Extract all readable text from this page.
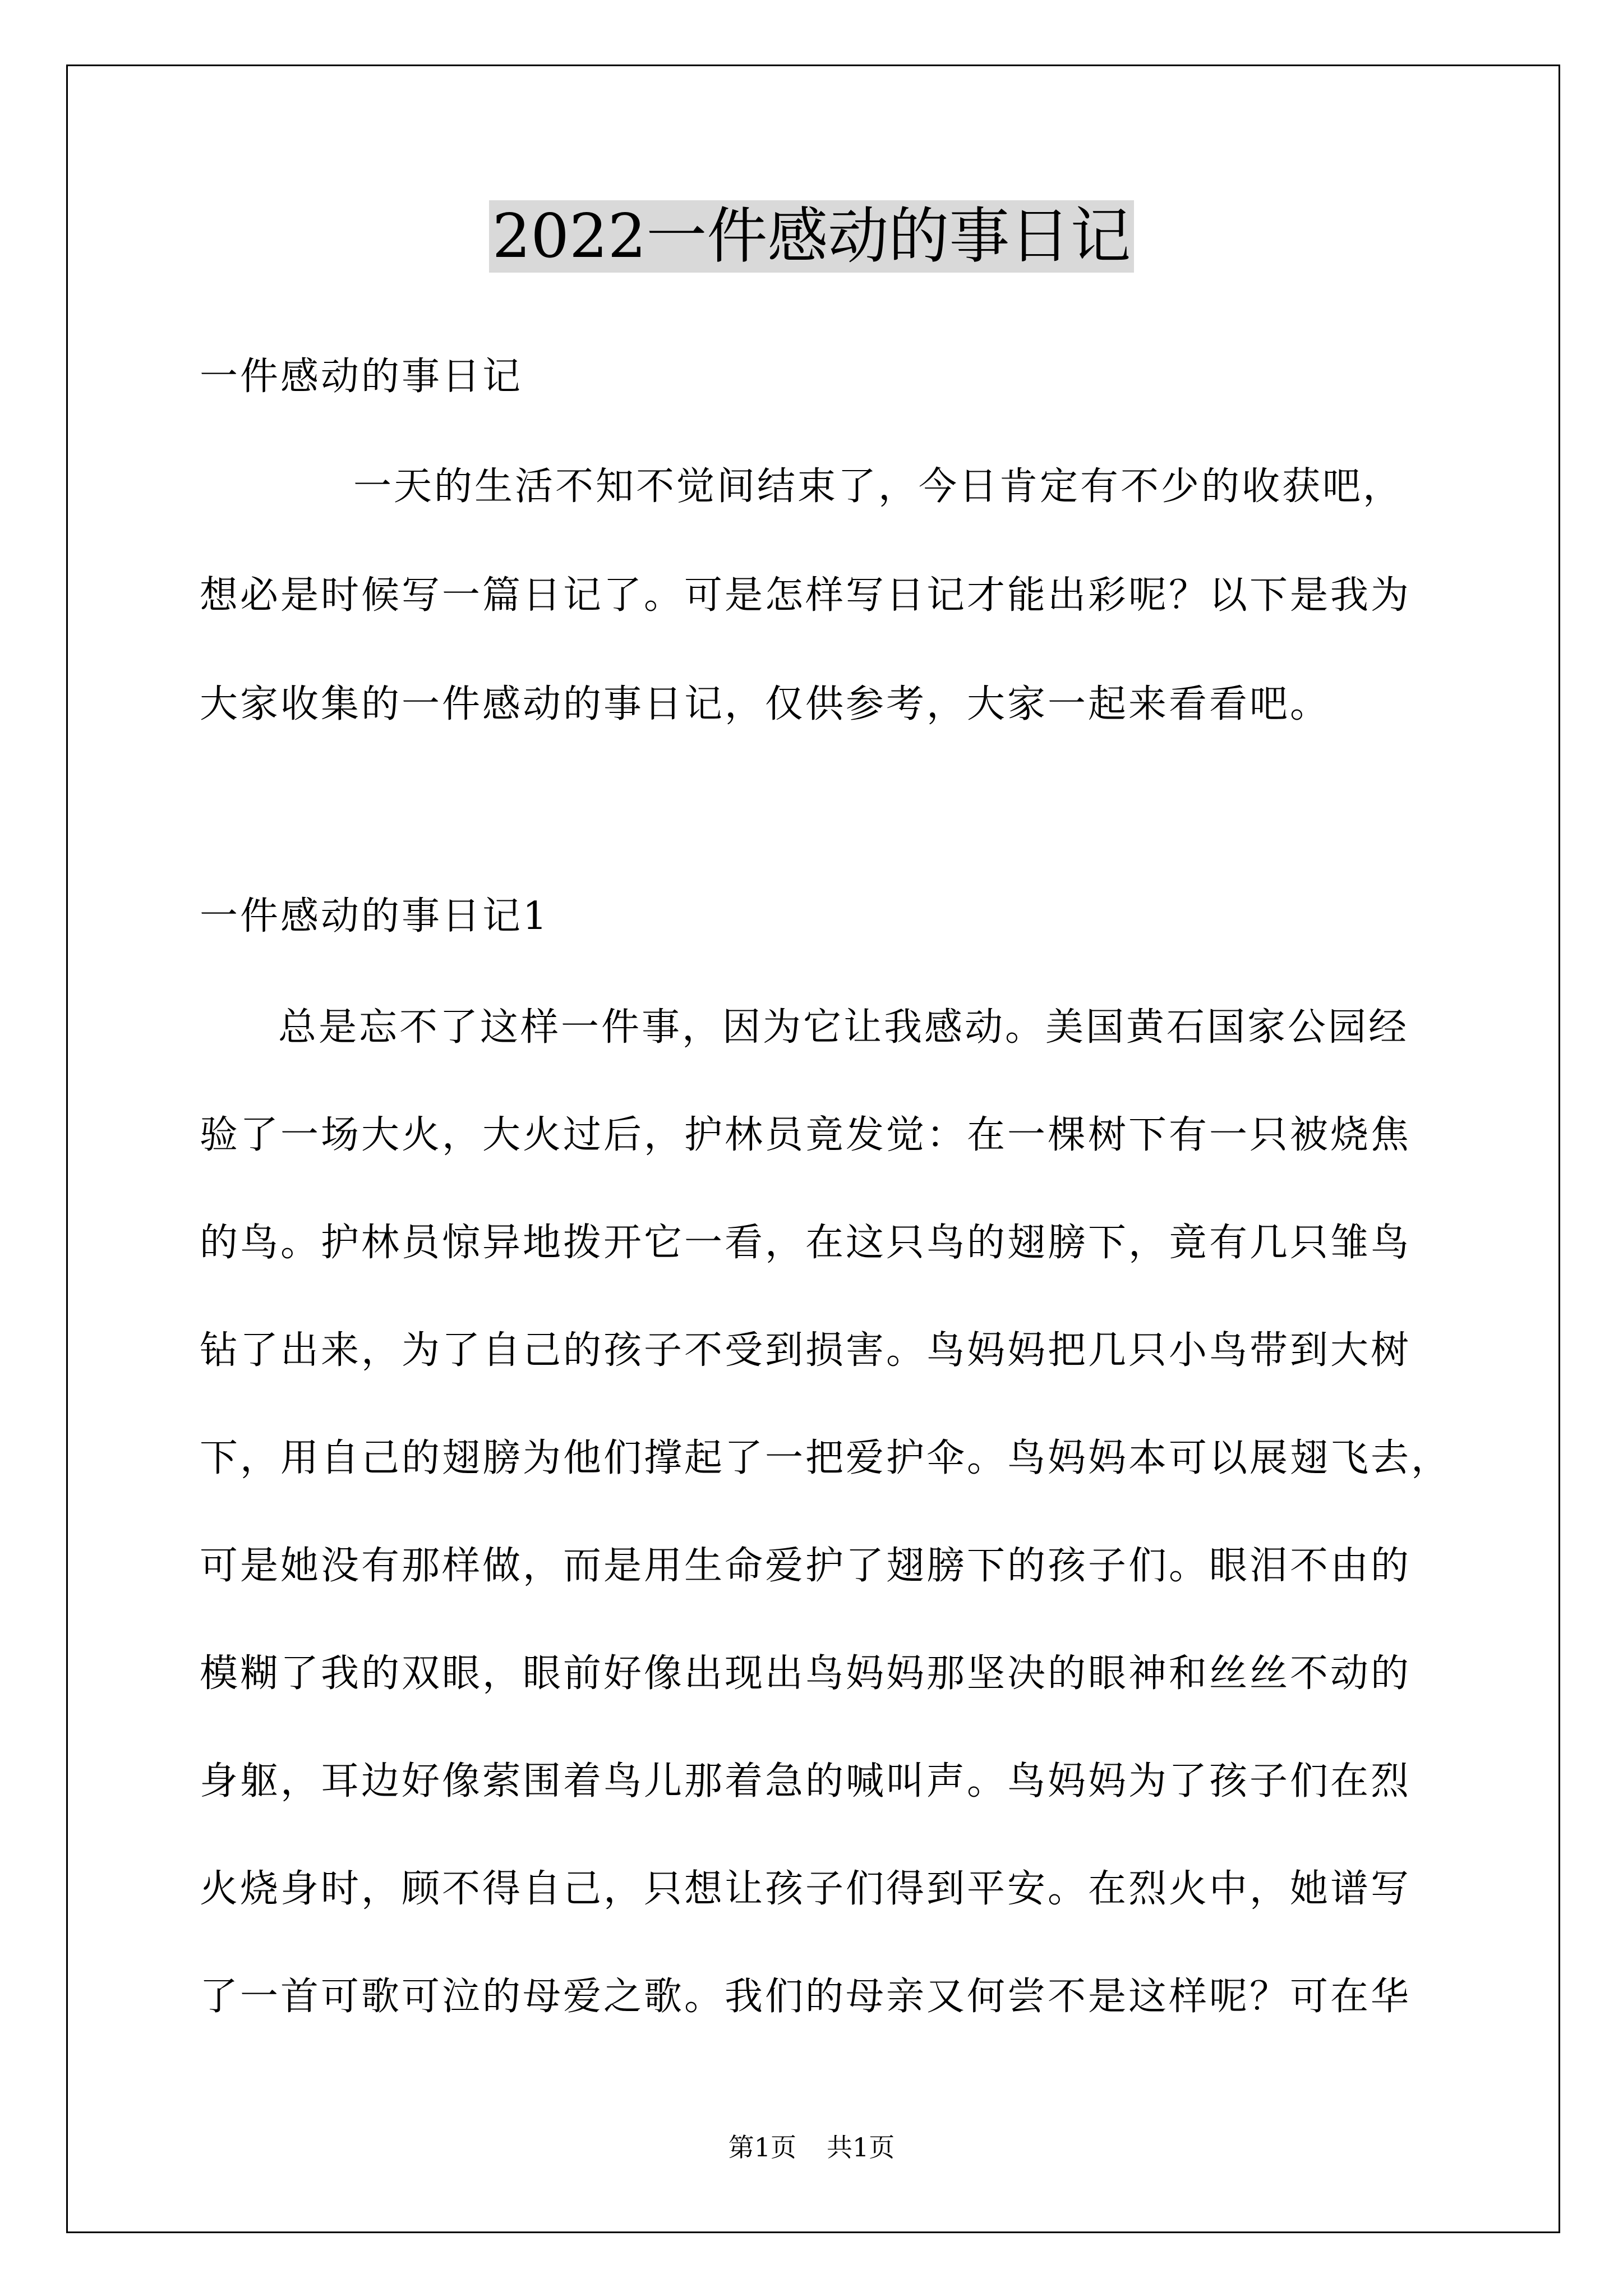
2022一件感动的事日记
一件感动的事日记
一天的生活不知不觉间结束了，今日肯定有不少的收获吧，
想必是时候写一篇日记了。可是怎样写日记才能出彩呢？以下是我为
大家收集的一件感动的事日记，仅供参考，大家一起来看看吧。
一件感动的事日记1
总是忘不了这样一件事，因为它让我感动。美国黄石国家公园经
验了一场大火，大火过后，护林员竟发觉：在一棵树下有一只被烧焦
的鸟。护林员惊异地拨开它一看，在这只鸟的翅膀下，竟有几只雏鸟
钻了出来，为了自己的孩子不受到损害。鸟妈妈把几只小鸟带到大树
下，用自己的翅膀为他们撑起了一把爱护伞。鸟妈妈本可以展翅飞去，
可是她没有那样做，而是用生命爱护了翅膀下的孩子们。眼泪不由的
模糊了我的双眼，眼前好像出现出鸟妈妈那坚决的眼神和丝丝不动的
身躯，耳边好像萦围着鸟儿那着急的喊叫声。鸟妈妈为了孩子们在烈
火烧身时，顾不得自己，只想让孩子们得到平安。在烈火中，她谱写
了一首可歌可泣的母爱之歌。我们的母亲又何尝不是这样呢？可在华
第1页 共1页
